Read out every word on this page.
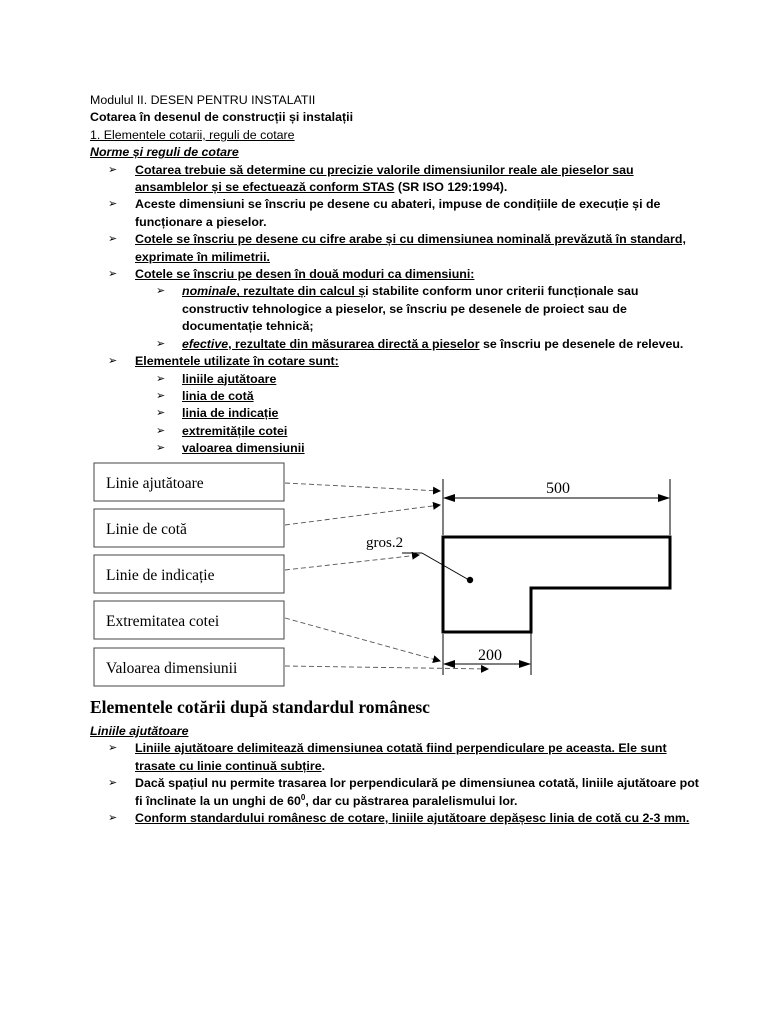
Modulul II. DESEN PENTRU INSTALATII
Cotarea în desenul de construcții și instalații
1. Elementele cotarii, reguli de cotare
Norme și reguli de cotare
➢ Cotarea trebuie să determine cu precizie valorile dimensiunilor reale ale pieselor sau
ansamblelor și se efectuează conform STAS (SR ISO 129:1994).
➢ Aceste dimensiuni se înscriu pe desene cu abateri, impuse de condițiile de execuție și de
funcționare a pieselor.
➢ Cotele se înscriu pe desene cu cifre arabe și cu dimensiunea nominală prevăzută în standard,
exprimate în milimetrii.
➢ Cotele se înscriu pe desen în două moduri ca dimensiuni:
➢ nominale, rezultate din calcul și stabilite conform unor criterii funcționale sau
constructiv tehnologice a pieselor, se înscriu pe desenele de proiect sau de
documentație tehnică;
➢ efective, rezultate din măsurarea directă a pieselor se înscriu pe desenele de releveu.
➢ Elementele utilizate în cotare sunt:
➢ liniile ajutătoare
➢ linia de cotă
➢ linia de indicație
➢ extremitățile cotei
➢ valoarea dimensiunii
Linie ajutătoare
Linie de cotă
Linie de indicație
Extremitatea cotei
Valoarea dimensiunii
500
200
gros.2
Elementele cotării după standardul românesc
Liniile ajutătoare
➢ Liniile ajutătoare delimitează dimensiunea cotată fiind perpendiculare pe aceasta. Ele sunt
trasate cu linie continuă subțire.
➢ Dacă spațiul nu permite trasarea lor perpendiculară pe dimensiunea cotată, liniile ajutătoare pot
fi înclinate la un unghi de $60^0$, dar cu păstrarea paralelismului lor.
➢ Conform standardului românesc de cotare, liniile ajutătoare depășesc linia de cotă cu 2-3 mm.
